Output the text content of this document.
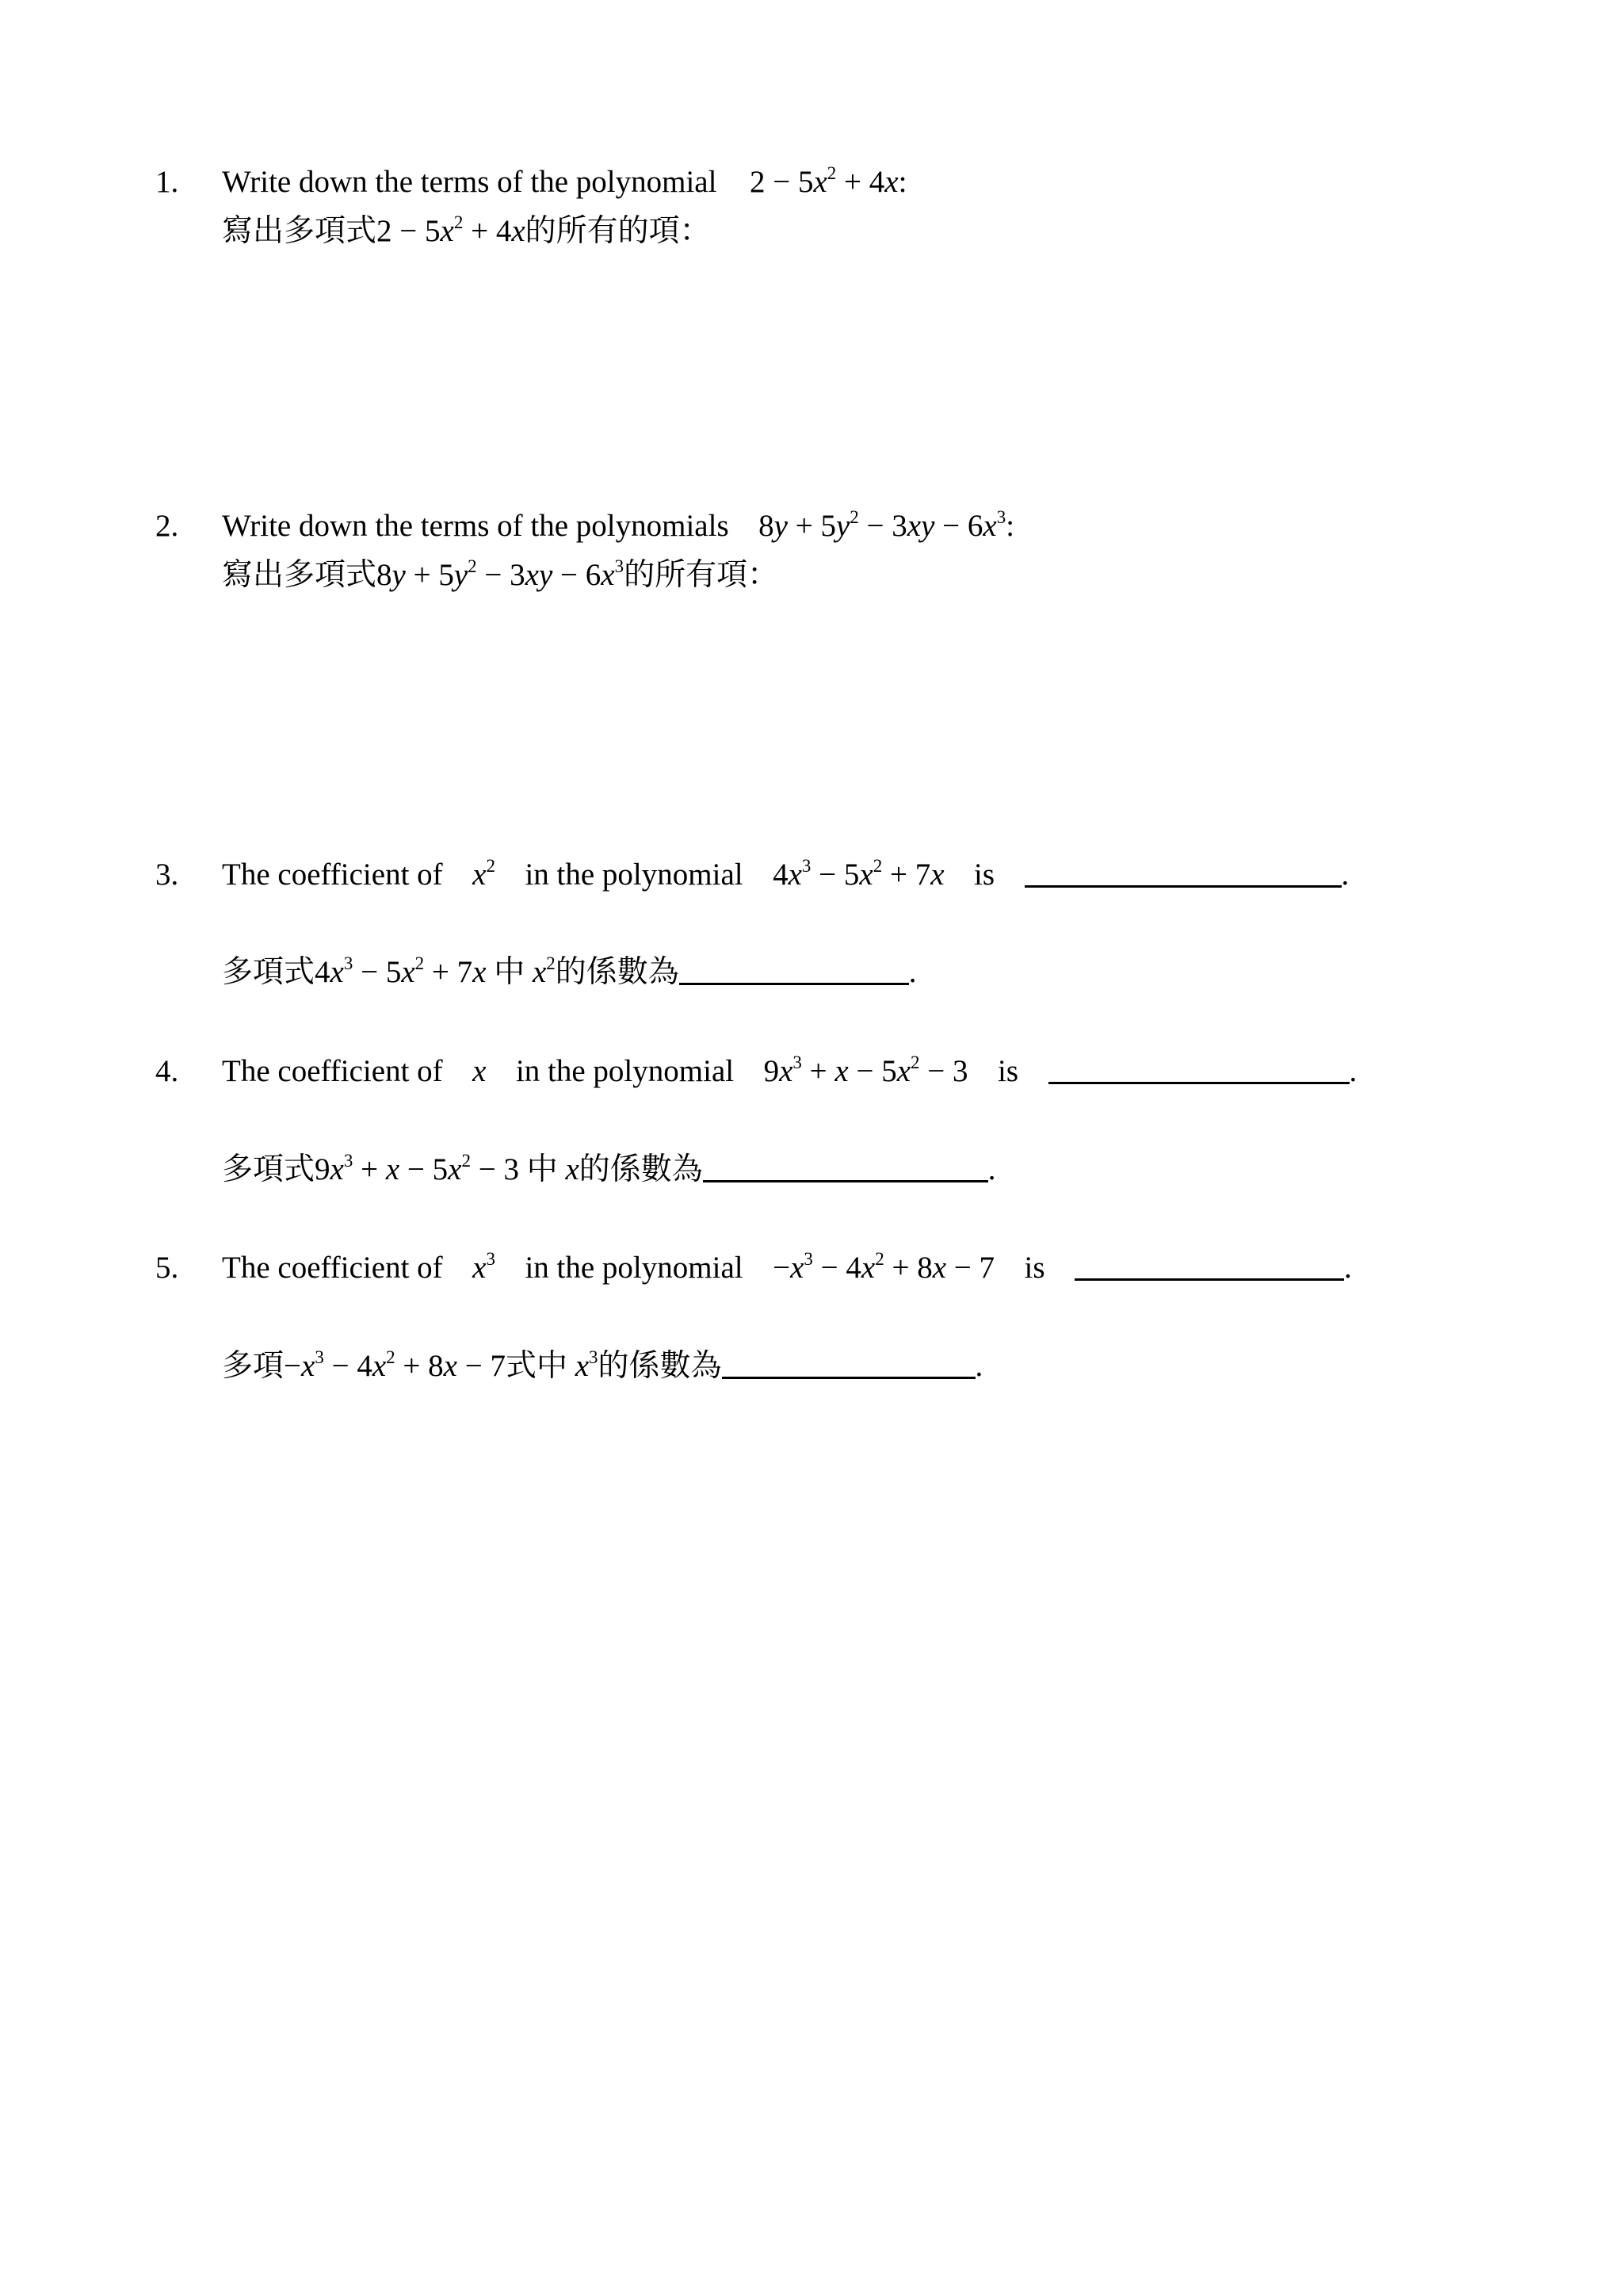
1. Write down the terms of the polynomial $2 - 5x^2 + 4x$:
寫出多項式$2 - 5x^2 + 4x$的所有的項：
2. Write down the terms of the polynomials $8y + 5y^2 - 3xy - 6x^3$:
寫出多項式$8y + 5y^2 - 3xy - 6x^3$的所有項：
3. The coefficient of $x^2$ in the polynomial $4x^3 - 5x^2 + 7x$ is	.
多項式$4x^3 - 5x^2 + 7x$ 中 $x^2$的係數為	.
4. The coefficient of x in the polynomial $9x^3 + x - 5x^2 - 3$ is	.
多項式$9x^3 + x - 5x^2 - 3$ 中 x的係數為	.
5. The coefficient of $x^3$ in the polynomial $-x^3 - 4x^2 + 8x - 7$ is	.
多項$-x^3 - 4x^2 + 8x - 7$式中 $x^3$的係數為	.
